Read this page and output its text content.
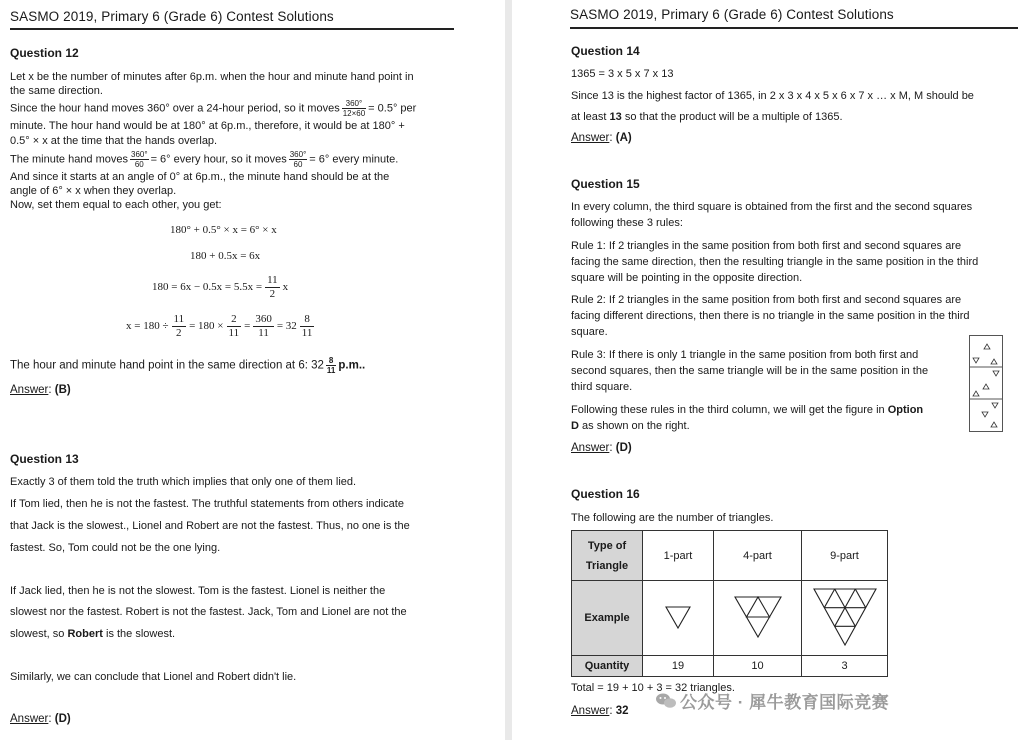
SASMO 2019, Primary 6 (Grade 6) Contest Solutions
Question 12
Let x be the number of minutes after 6p.m. when the hour and minute hand point in
the same direction.
Since the hour hand moves 360° over a 24-hour period, so it moves $\frac{360^\circ}{12\times 60} = 0.5^\circ$ per
minute. The hour hand would be at 180° at 6p.m., therefore, it would be at 180° +
0.5° × x at the time that the hands overlap.
The minute hand moves $\frac{360^\circ}{60} = 6^\circ$ every hour, so it moves $\frac{360^\circ}{60} = 6^\circ$ every minute.
And since it starts at an angle of 0° at 6p.m., the minute hand should be at the
angle of 6° × x when they overlap.
Now, set them equal to each other, you get:
180° + 0.5° × x = 6° × x
180 + 0.5x = 6x
$180 = 6x - 0.5x = 5.5x = \frac{11}{2}$ x
$x = 180 \div \frac{11}{2} = 180 \times \frac{2}{11} = \frac{360}{11} = 32 \frac{8}{11}$
The hour and minute hand point in the same direction at 6: $32 \frac{8}{11} p.m$..
Answer: (B)
Question 13
Exactly 3 of them told the truth which implies that only one of them lied.
If Tom lied, then he is not the fastest. The truthful statements from others indicate
that Jack is the slowest., Lionel and Robert are not the fastest. Thus, no one is the
fastest. So, Tom could not be the one lying.
If Jack lied, then he is not the slowest. Tom is the fastest. Lionel is neither the
slowest nor the fastest. Robert is not the fastest. Jack, Tom and Lionel are not the
slowest, so Robert is the slowest.
Similarly, we can conclude that Lionel and Robert didn't lie.
Answer: (D)
SASMO 2019, Primary 6 (Grade 6) Contest Solutions
Question 14
1365 = 3 x 5 x 7 x 13
Since 13 is the highest factor of 1365, in 2 x 3 x 4 x 5 x 6 x 7 x … x M, M should be
at least 13 so that the product will be a multiple of 1365.
Answer: (A)
Question 15
In every column, the third square is obtained from the first and the second squares
following these 3 rules:
Rule 1: If 2 triangles in the same position from both first and second squares are
facing the same direction, then the resulting triangle in the same position in the third
square will be pointing in the opposite direction.
Rule 2: If 2 triangles in the same position from both first and second squares are
facing different directions, then there is no triangle in the same position in the third
square.
Rule 3: If there is only 1 triangle in the same position from both first and
second squares, then the same triangle will be in the same position in the
third square.
Following these rules in the third column, we will get the figure in Option
D as shown on the right.
Answer: (D)
Question 16
The following are the number of triangles.
Type of
Triangle	1-part	4-part	9-part
Example			
Quantity	19	10	3
Total = 19 + 10 + 3 = 32 triangles.
Answer: 32	公众号 · 犀牛教育国际竞赛
